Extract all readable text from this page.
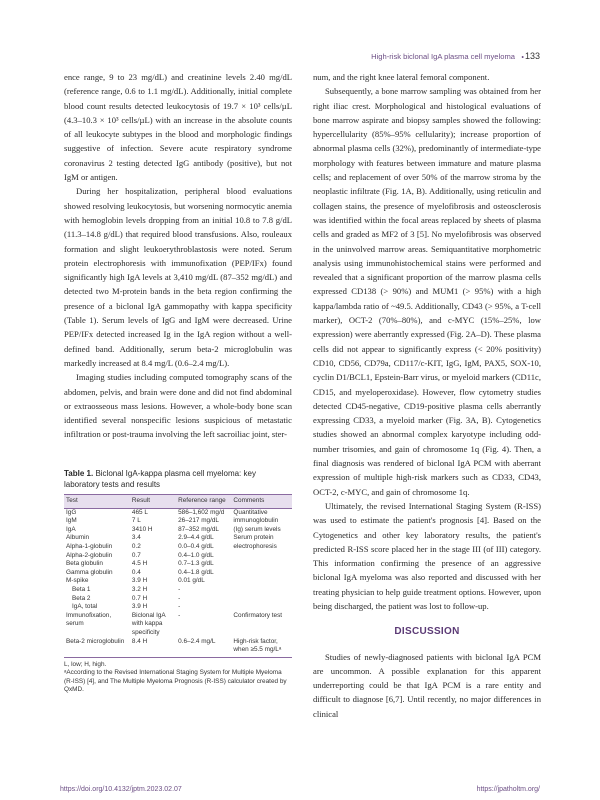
High-risk biclonal IgA plasma cell myeloma • 133

ence range, 9 to 23 mg/dL) and creatinine levels 2.40 mg/dL (reference range, 0.6 to 1.1 mg/dL). Additionally, initial complete blood count results detected leukocytosis of 19.7 × 10³ cells/µL (4.3–10.3 × 10³ cells/µL) with an increase in the absolute counts of all leukocyte subtypes in the blood and morphologic findings suggestive of infection. Severe acute respiratory syndrome coronavirus 2 testing detected IgG antibody (positive), but not IgM or antigen.

During her hospitalization, peripheral blood evaluations showed resolving leukocytosis, but worsening normocytic anemia with hemoglobin levels dropping from an initial 10.8 to 7.8 g/dL (11.3–14.8 g/dL) that required blood transfusions. Also, rouleaux formation and slight leukoerythroblastosis were noted. Serum protein electrophoresis with immunofixation (PEP/IFx) found significantly high IgA levels at 3,410 mg/dL (87–352 mg/dL) and detected two M-protein bands in the beta region confirming the presence of a biclonal IgA gammopathy with kappa specificity (Table 1). Serum levels of IgG and IgM were decreased. Urine PEP/IFx detected increased Ig in the IgA region without a well-defined band. Additionally, serum beta-2 microglobulin was markedly increased at 8.4 mg/L (0.6–2.4 mg/L).

Imaging studies including computed tomography scans of the abdomen, pelvis, and brain were done and did not find abdominal or extraosseous mass lesions. However, a whole-body bone scan identified several nonspecific lesions suspicious of metastatic infiltration or post-trauma involving the left sacroiliac joint, ster-

Table 1. Biclonal IgA-kappa plasma cell myeloma: key laboratory tests and results
Test	Result	Reference range	Comments
IgG	465 L	586–1,602 mg/d	Quantitative
IgM	7 L	26–217 mg/dL	immunoglobulin
IgA	3410 H	87–352 mg/dL	(Ig) serum levels
Albumin	3.4	2.9–4.4 g/dL	Serum protein
Alpha-1-globulin	0.2	0.0–0.4 g/dL	electrophoresis
Alpha-2-globulin	0.7	0.4–1.0 g/dL	
Beta globulin	4.5 H	0.7–1.3 g/dL	
Gamma globulin	0.4	0.4–1.8 g/dL	
M-spike	3.9 H	0.01 g/dL	
Beta 1	3.2 H	-	
Beta 2	0.7 H	-	
IgA, total	3.9 H	-	
Immunofixation, serum	Biclonal IgA with kappa specificity	-	Confirmatory test
Beta-2 microglobulin	8.4 H	0.6–2.4 mg/L	High-risk factor, when ≥5.5 mg/Lᵃ
L, low; H, high.
ᵃAccording to the Revised International Staging System for Multiple Myeloma (R-ISS) [4], and The Multiple Myeloma Prognosis (R-ISS) calculator created by QxMD.

num, and the right knee lateral femoral component.

Subsequently, a bone marrow sampling was obtained from her right iliac crest. Morphological and histological evaluations of bone marrow aspirate and biopsy samples showed the following: hypercellularity (85%–95% cellularity); increase proportion of abnormal plasma cells (32%), predominantly of intermediate-type morphology with features between immature and mature plasma cells; and replacement of over 50% of the marrow stroma by the neoplastic infiltrate (Fig. 1A, B). Additionally, using reticulin and collagen stains, the presence of myelofibrosis and osteosclerosis was identified within the focal areas replaced by sheets of plasma cells and graded as MF2 of 3 [5]. No myelofibrosis was observed in the uninvolved marrow areas. Semiquantitative morphometric analysis using immunohistochemical stains were performed and revealed that a significant proportion of the marrow plasma cells expressed CD138 (> 90%) and MUM1 (> 95%) with a high kappa/lambda ratio of ~49.5. Additionally, CD43 (> 95%, a T-cell marker), OCT-2 (70%–80%), and c-MYC (15%–25%, low expression) were aberrantly expressed (Fig. 2A–D). These plasma cells did not appear to significantly express (< 20% positivity) CD10, CD56, CD79a, CD117/c-KIT, IgG, IgM, PAX5, SOX-10, cyclin D1/BCL1, Epstein-Barr virus, or myeloid markers (CD11c, CD15, and myeloperoxidase). However, flow cytometry studies detected CD45-negative, CD19-positive plasma cells aberrantly expressing CD33, a myeloid marker (Fig. 3A, B). Cytogenetics studies showed an abnormal complex karyotype including odd-number trisomies, and gain of chromosome 1q (Fig. 4). Then, a final diagnosis was rendered of biclonal IgA PCM with aberrant expression of multiple high-risk markers such as CD33, CD43, OCT-2, c-MYC, and gain of chromosome 1q.

Ultimately, the revised International Staging System (R-ISS) was used to estimate the patient's prognosis [4]. Based on the Cytogenetics and other key laboratory results, the patient's predicted R-ISS score placed her in the stage III (of III) category. This information confirming the presence of an aggressive biclonal IgA myeloma was also reported and discussed with her treating physician to help guide treatment options. However, upon being discharged, the patient was lost to follow-up.

DISCUSSION

Studies of newly-diagnosed patients with biclonal IgA PCM are uncommon. A possible explanation for this apparent underreporting could be that IgA PCM is a rare entity and difficult to diagnose [6,7]. Until recently, no major differences in clinical

https://doi.org/10.4132/jptm.2023.02.07	https://jpatholtm.org/
